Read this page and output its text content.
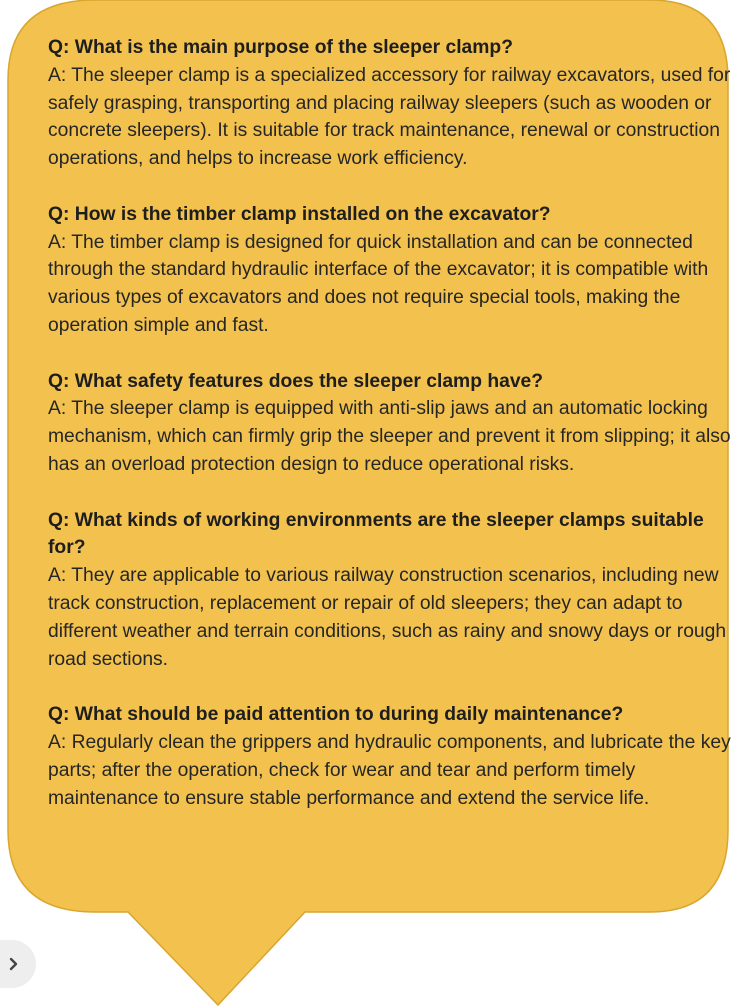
Q: What is the main purpose of the sleeper clamp?
A: The sleeper clamp is a specialized accessory for railway excavators, used for safely grasping, transporting and placing railway sleepers (such as wooden or concrete sleepers). It is suitable for track maintenance, renewal or construction operations, and helps to increase work efficiency.
Q: How is the timber clamp installed on the excavator?
A: The timber clamp is designed for quick installation and can be connected through the standard hydraulic interface of the excavator; it is compatible with various types of excavators and does not require special tools, making the operation simple and fast.
Q: What safety features does the sleeper clamp have?
A: The sleeper clamp is equipped with anti-slip jaws and an automatic locking mechanism, which can firmly grip the sleeper and prevent it from slipping; it also has an overload protection design to reduce operational risks.
Q: What kinds of working environments are the sleeper clamps suitable for?
A: They are applicable to various railway construction scenarios, including new track construction, replacement or repair of old sleepers; they can adapt to different weather and terrain conditions, such as rainy and snowy days or rough road sections.
Q: What should be paid attention to during daily maintenance?
A: Regularly clean the grippers and hydraulic components, and lubricate the key parts; after the operation, check for wear and tear and perform timely maintenance to ensure stable performance and extend the service life.
